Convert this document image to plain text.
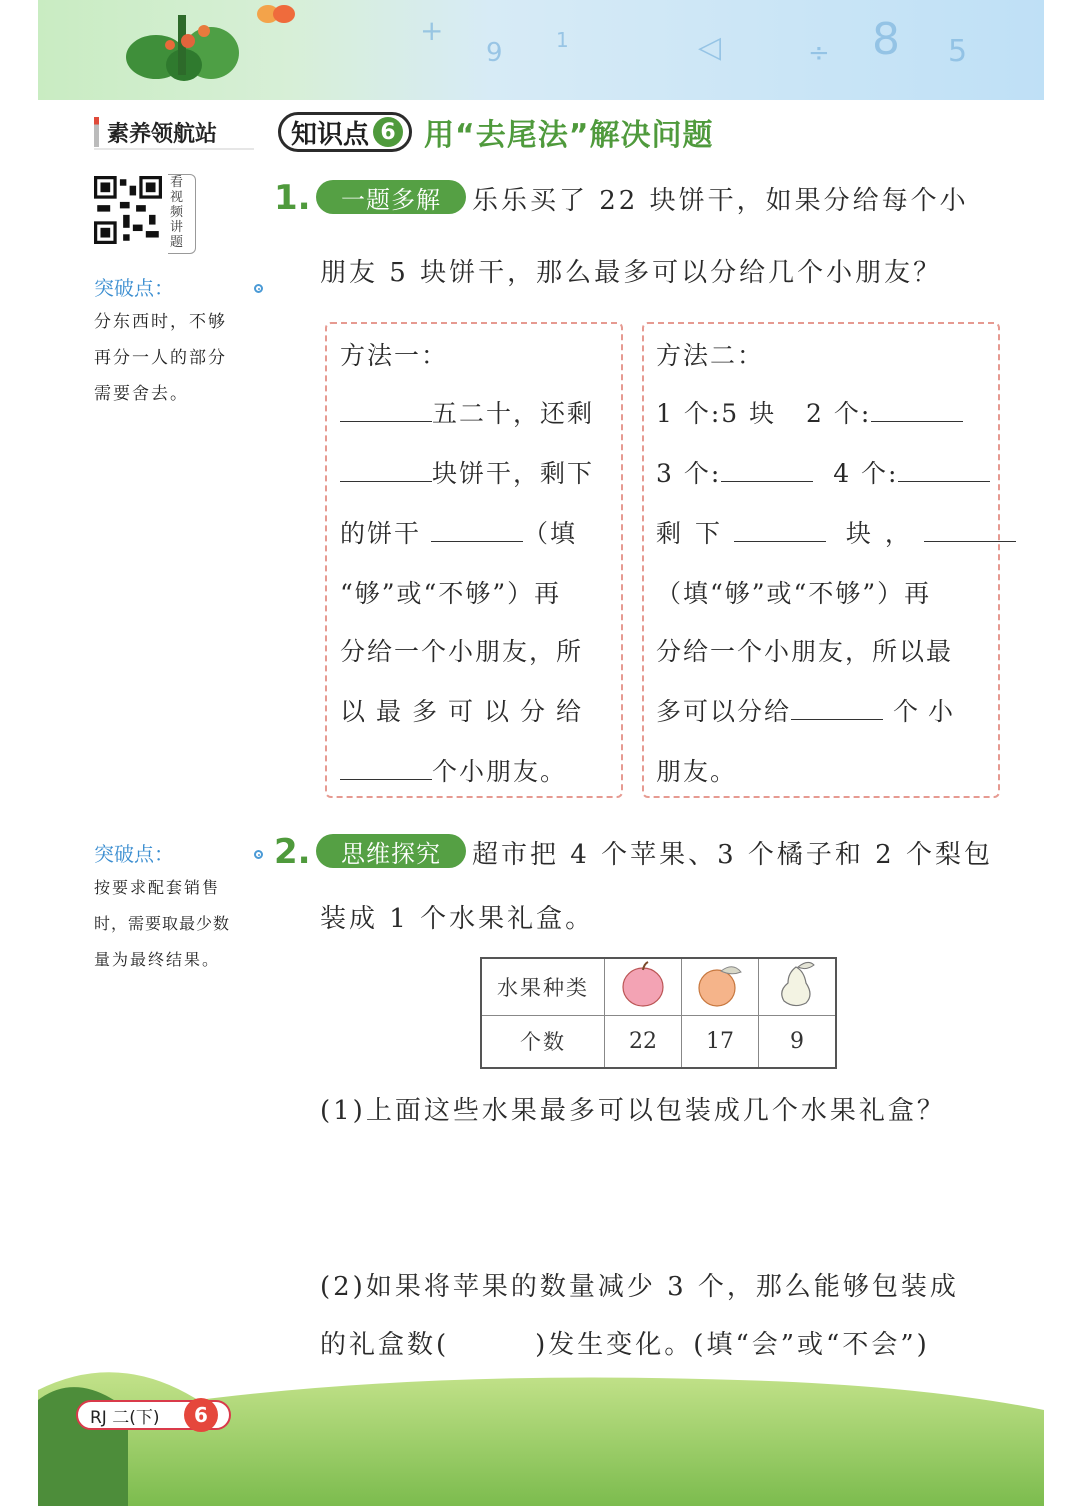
+
9	1	◁	÷ 8 5
素养领航站	知识点 6 用“去尾法”解决问题
看视频讲题
突破点：
分东西时，不够
再分一人的部分
需要舍去。
1.	一题多解	乐乐买了 22 块饼干，如果分给每个小
朋友 5 块饼干，那么最多可以分给几个小朋友？
方法一：
五二十，还剩
块饼干，剩下
的饼干	（填
“够”或“不够”）再
分给一个小朋友，所
以最多可以分给
个小朋友。
方法二：
1 个:5 块 2 个:
3 个:	4 个:
剩下	块，
（填“够”或“不够”）再
分给一个小朋友，所以最
多可以分给	个小
朋友。
突破点：
按要求配套销售
时，需要取最少数
量为最终结果。
2.	思维探究	超市把 4 个苹果、3 个橘子和 2 个梨包
装成 1 个水果礼盒。
水果种类			
个数	22	17	9
(1)上面这些水果最多可以包装成几个水果礼盒？
(2)如果将苹果的数量减少 3 个，那么能够包装成
的礼盒数(	)发生变化。(填“会”或“不会”)
RJ 二(下)	6
